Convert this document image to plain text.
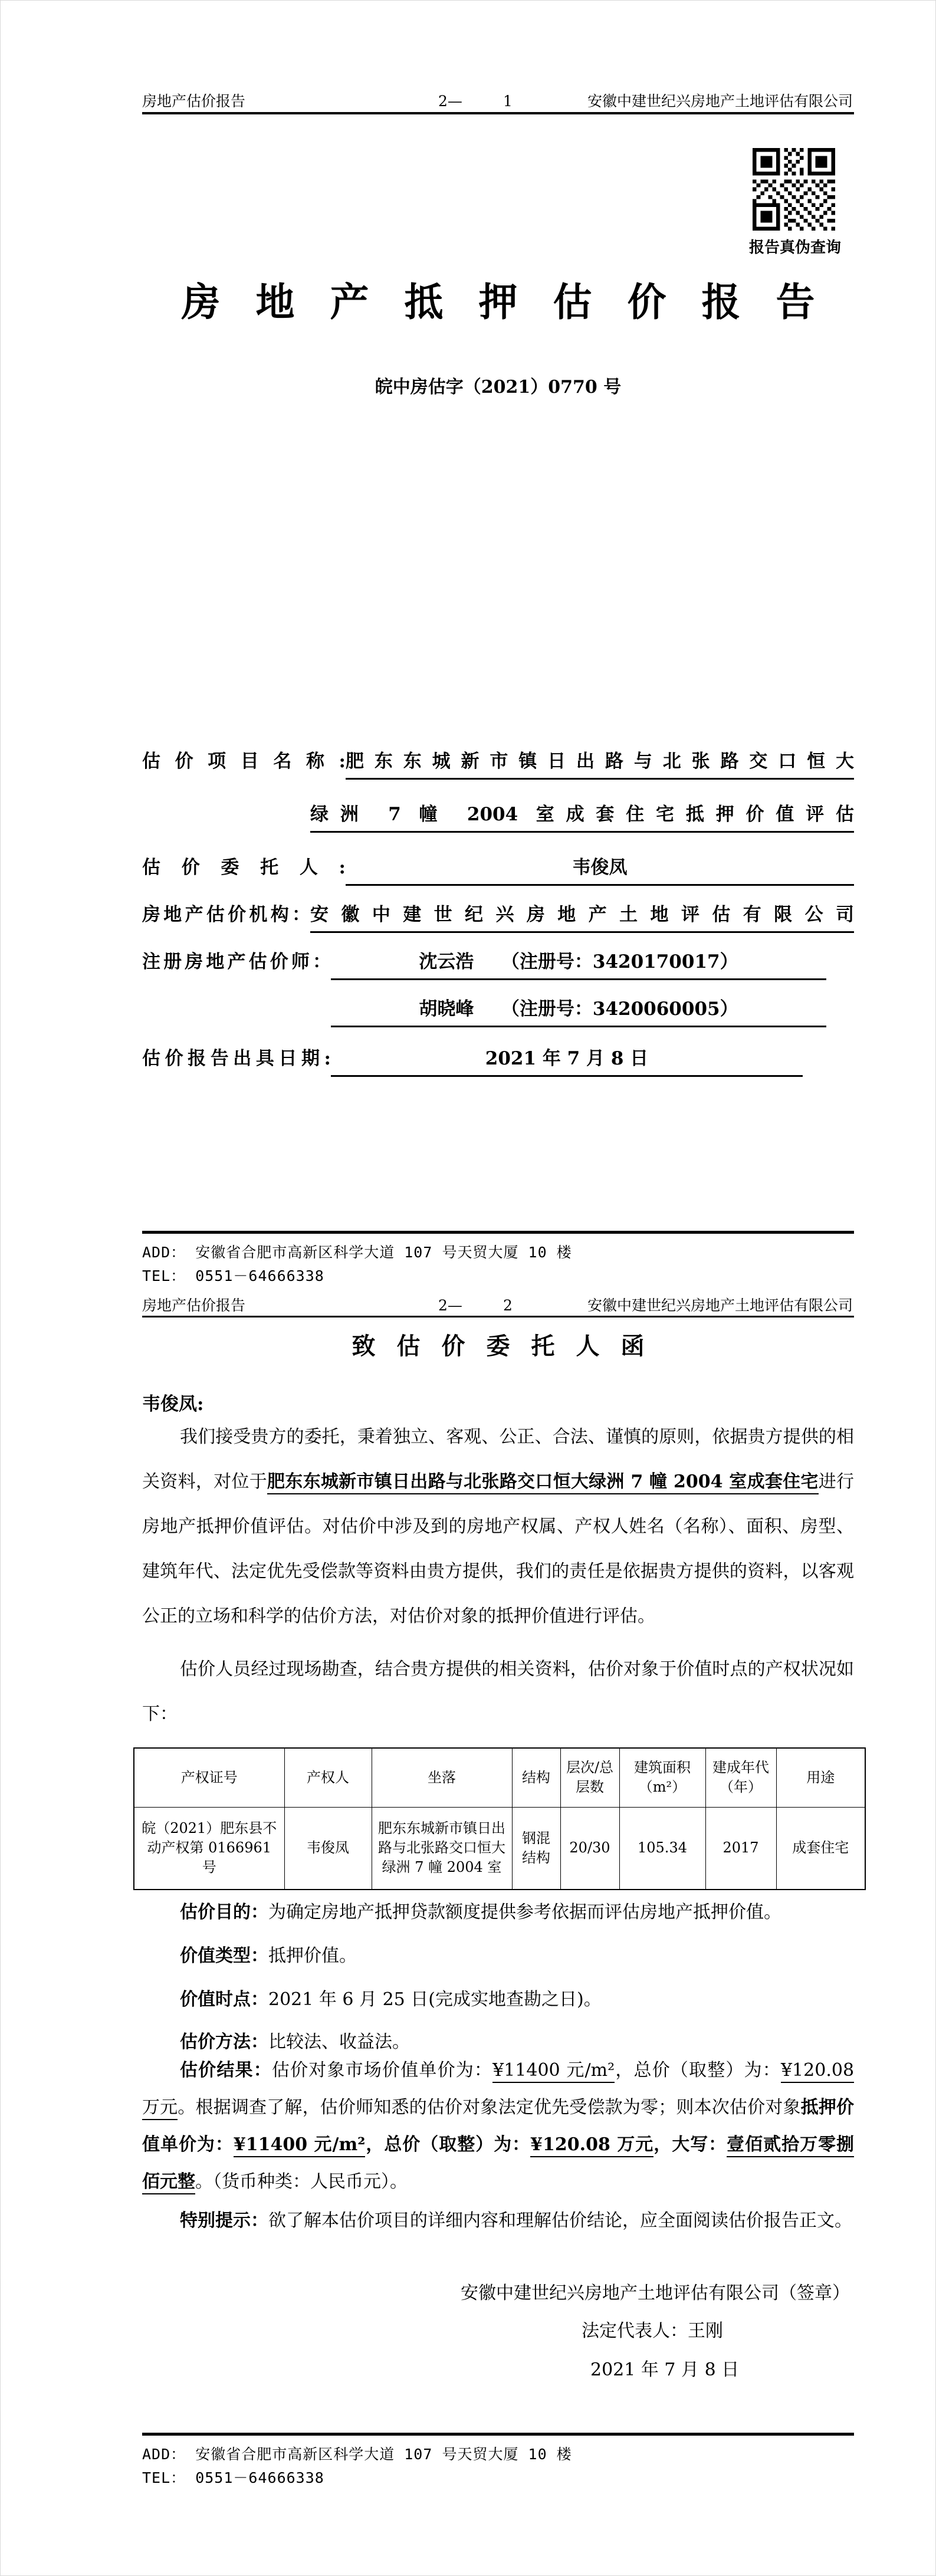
房地产估价报告	2—	1	安徽中建世纪兴房地产土地评估有限公司
报告真伪查询
房地产抵押估价报告
皖中房估字（2021）0770 号
估价项目名称: 肥东东城新市镇日出路与北张路交口恒大
绿洲 7 幢 2004 室成套住宅抵押价值评估
估价委托人:	韦俊凤
房地产估价机构： 安徽中建世纪兴房地产土地评估有限公司
注册房地产估价师：	沈云浩　　（注册号：3420170017）
胡晓峰　　（注册号：3420060005）
估价报告出具日期:	2021 年 7 月 8 日
ADD： 安徽省合肥市高新区科学大道 107 号天贸大厦 10 楼
TEL： 0551－64666338
房地产估价报告	2—	2	安徽中建世纪兴房地产土地评估有限公司
致估价委托人函
韦俊凤:
我们接受贵方的委托，秉着独立、客观、公正、合法、谨慎的原则，依据贵方提供的相关资料，对位于肥东东城新市镇日出路与北张路交口恒大绿洲 7 幢 2004 室成套住宅进行房地产抵押价值评估。对估价中涉及到的房地产权属、产权人姓名（名称）、面积、房型、建筑年代、法定优先受偿款等资料由贵方提供，我们的责任是依据贵方提供的资料，以客观公正的立场和科学的估价方法，对估价对象的抵押价值进行评估。
估价人员经过现场勘查，结合贵方提供的相关资料，估价对象于价值时点的产权状况如下：
产权证号	产权人	坐落	结构	层次/总层数	建筑面积（m²）	建成年代（年）	用途
皖（2021）肥东县不动产权第 0166961 号	韦俊凤	肥东东城新市镇日出路与北张路交口恒大绿洲 7 幢 2004 室	钢混结构	20/30	105.34	2017	成套住宅
估价目的：为确定房地产抵押贷款额度提供参考依据而评估房地产抵押价值。
价值类型：抵押价值。
价值时点：2021 年 6 月 25 日(完成实地查勘之日)。
估价方法：比较法、收益法。
估价结果：估价对象市场价值单价为：¥11400 元/m²，总价（取整）为：¥120.08 万元。根据调查了解，估价师知悉的估价对象法定优先受偿款为零；则本次估价对象抵押价值单价为：¥11400 元/m²，总价（取整）为：¥120.08 万元，大写：壹佰贰拾万零捌佰元整。（货币种类：人民币元）。
特别提示：欲了解本估价项目的详细内容和理解估价结论，应全面阅读估价报告正文。
安徽中建世纪兴房地产土地评估有限公司（签章）
法定代表人：王刚
2021 年 7 月 8 日
ADD： 安徽省合肥市高新区科学大道 107 号天贸大厦 10 楼
TEL： 0551－64666338
